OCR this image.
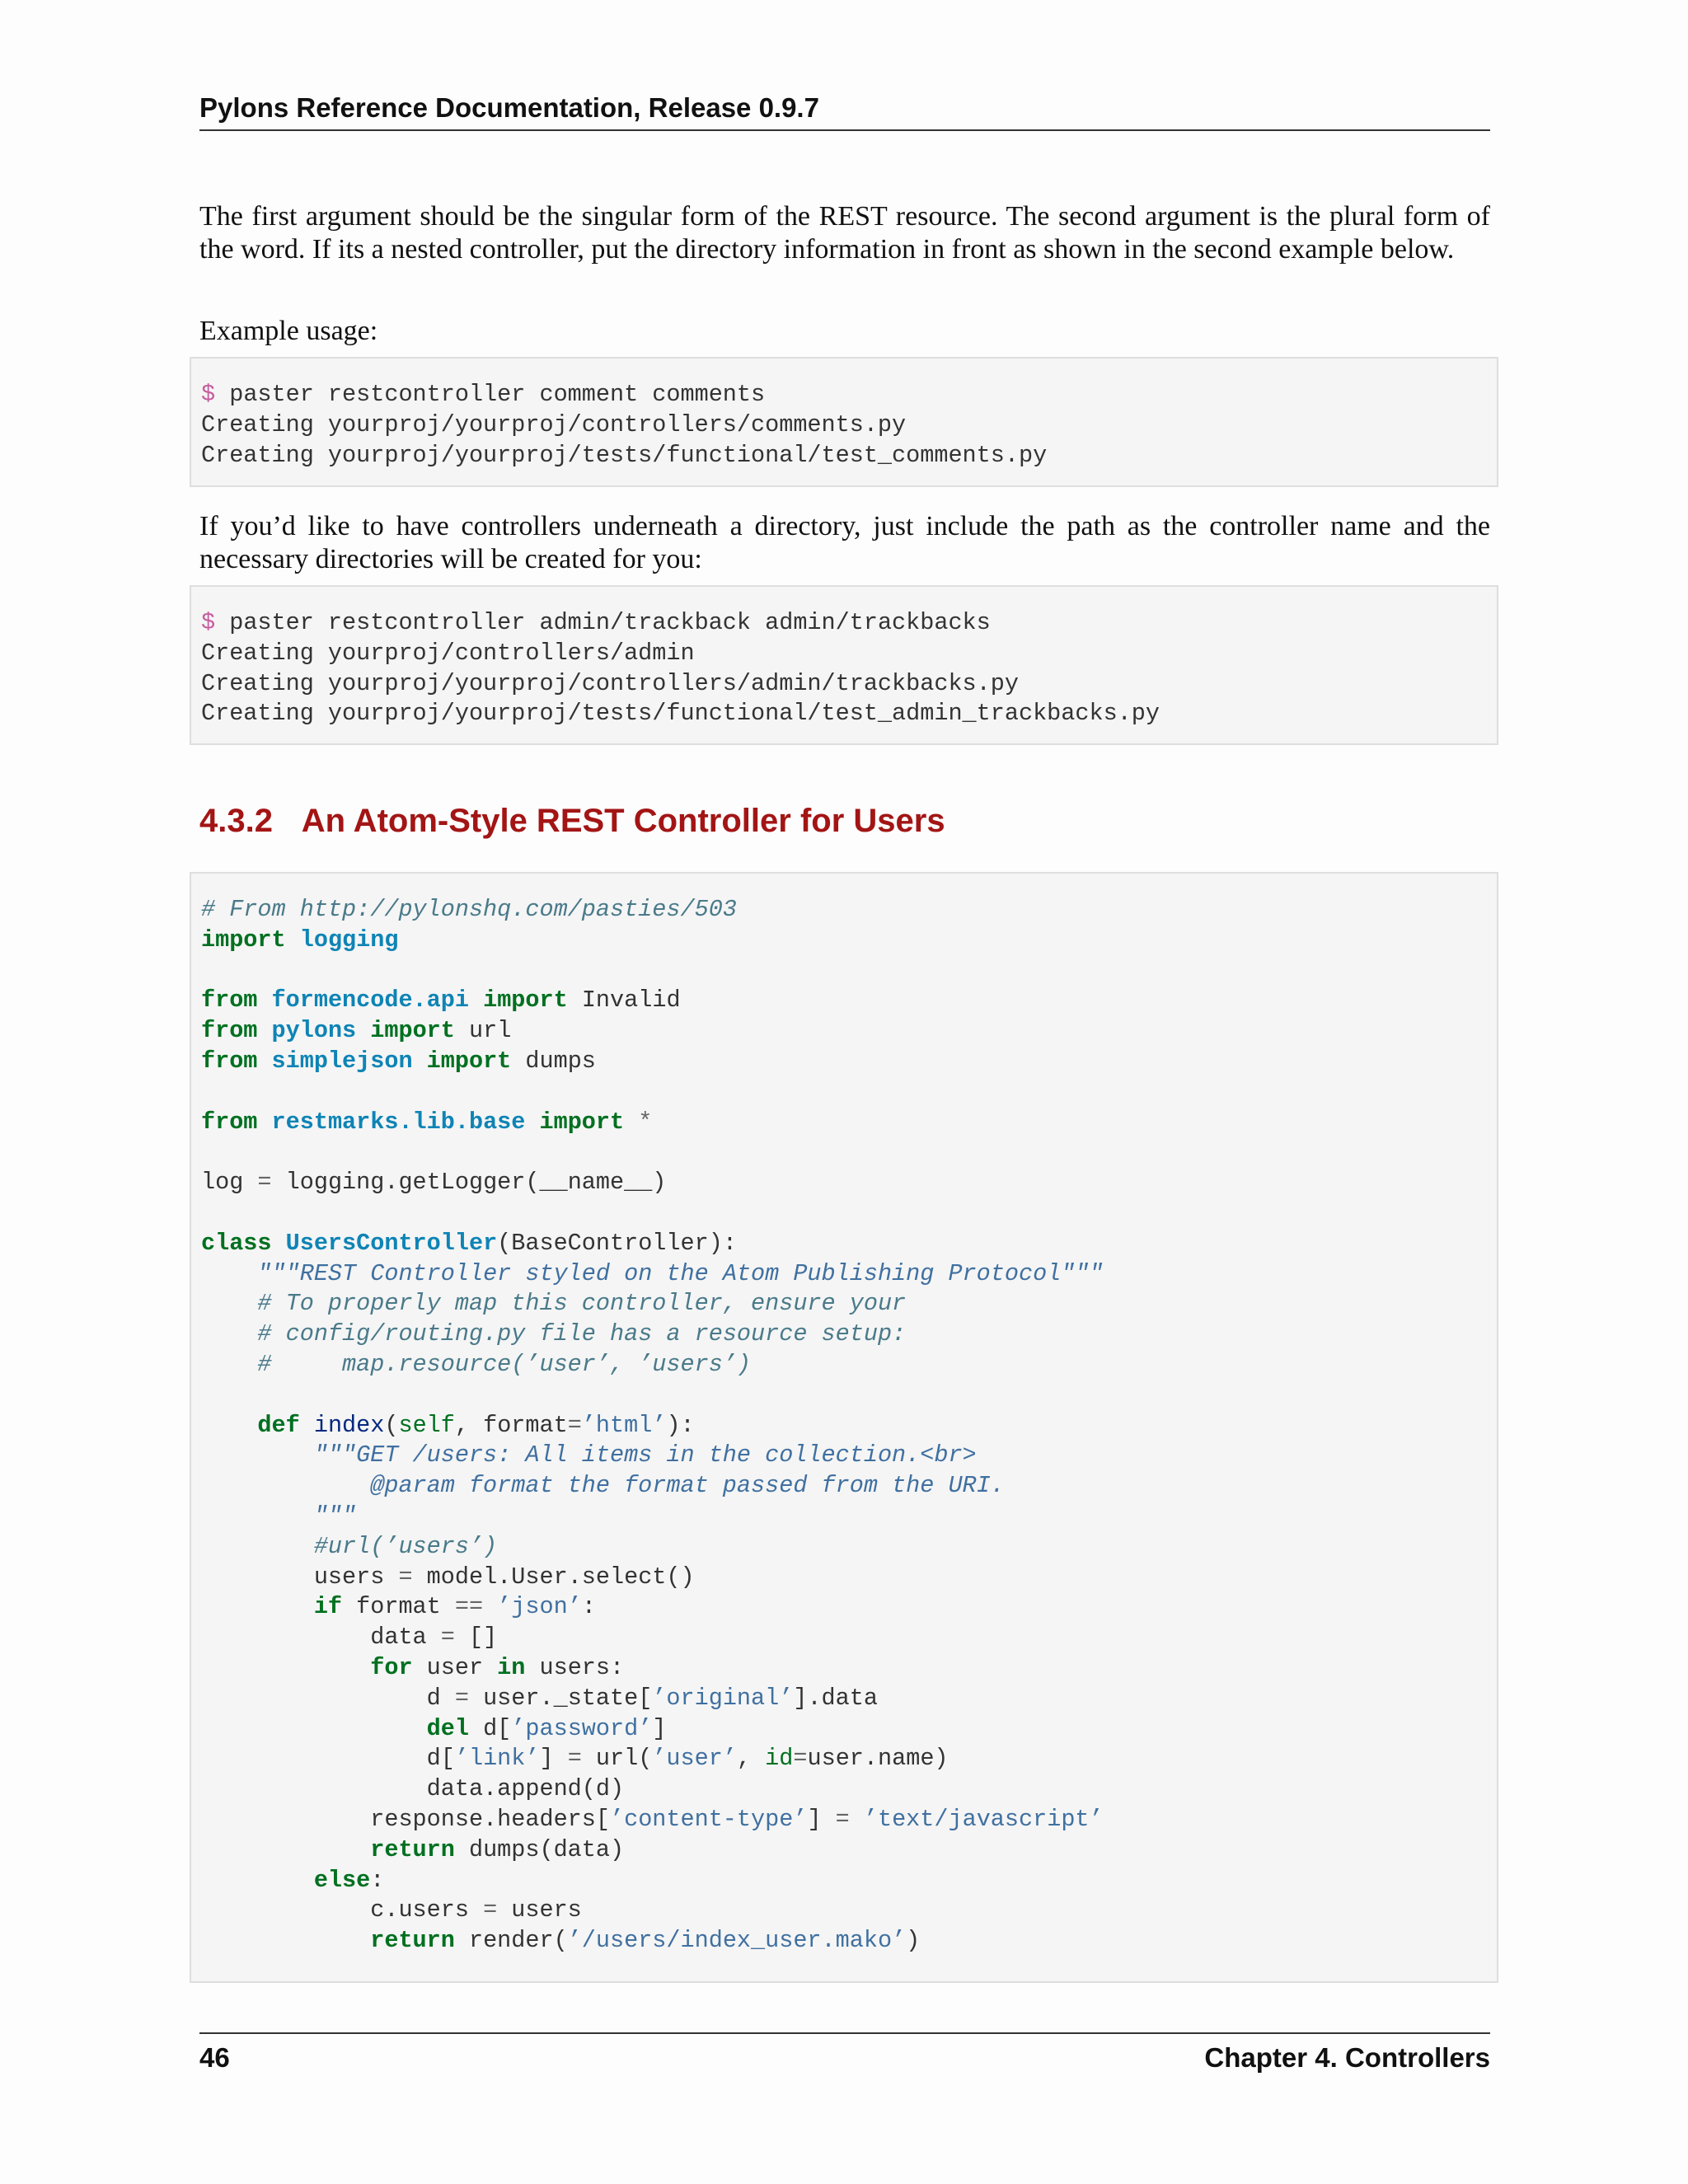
Pylons Reference Documentation, Release 0.9.7

The first argument should be the singular form of the REST resource. The second argument is the plural form of the word. If its a nested controller, put the directory information in front as shown in the second example below.

Example usage:

$ paster restcontroller comment comments
Creating yourproj/yourproj/controllers/comments.py
Creating yourproj/yourproj/tests/functional/test_comments.py

If you’d like to have controllers underneath a directory, just include the path as the controller name and the necessary directories will be created for you:

$ paster restcontroller admin/trackback admin/trackbacks
Creating yourproj/controllers/admin
Creating yourproj/yourproj/controllers/admin/trackbacks.py
Creating yourproj/yourproj/tests/functional/test_admin_trackbacks.py
4.3.2 An Atom-Style REST Controller for Users
# From http://pylonshq.com/pasties/503
import logging

from formencode.api import Invalid
from pylons import url
from simplejson import dumps

from restmarks.lib.base import *

log = logging.getLogger(__name__)

class UsersController(BaseController):
"""REST Controller styled on the Atom Publishing Protocol"""
# To properly map this controller, ensure your
# config/routing.py file has a resource setup:
#     map.resource(’user’, ’users’)

def index(self, format=’html’):
"""GET /users: All items in the collection.<br>
@param format the format passed from the URI.
"""
#url(’users’)
users = model.User.select()
if format == ’json’:
data = []
for user in users:
d = user._state[’original’].data
del d[’password’]
d[’link’] = url(’user’, id=user.name)
data.append(d)
response.headers[’content-type’] = ’text/javascript’
return dumps(data)
else:
c.users = users
return render(’/users/index_user.mako’)
46	Chapter 4. Controllers
